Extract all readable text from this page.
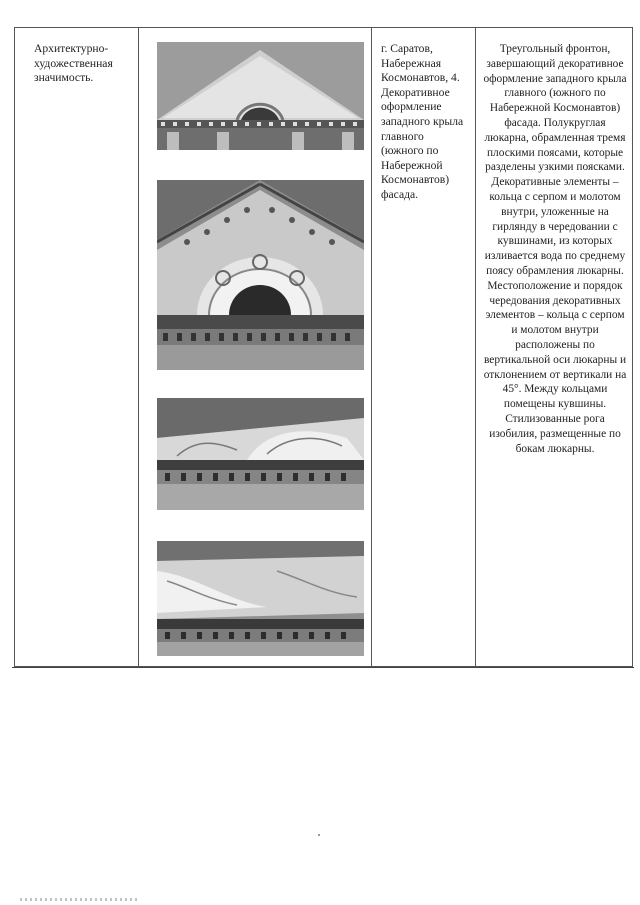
Архитектурно-художественная значимость.
г. Саратов, Набережная Космонавтов, 4. Декоративное оформление западного крыла главного (южного по Набережной Космонавтов) фасада.
Треугольный фронтон, завершающий декоративное оформление западного крыла главного (южного по Набережной Космонавтов) фасада. Полукруглая люкарна, обрамленная тремя плоскими поясами, которые разделены узкими поясками. Декоративные элементы – кольца с серпом и молотом внутри, уложенные на гирлянду в чередовании с кувшинами, из которых изливается вода по среднему поясу обрамления люкарны. Местоположение и порядок чередования декоративных элементов – кольца с серпом и молотом внутри расположены по вертикальной оси люкарны и отклонением от вертикали на 45°. Между кольцами помещены кувшины. Стилизованные рога изобилия, размещенные по бокам люкарны.
